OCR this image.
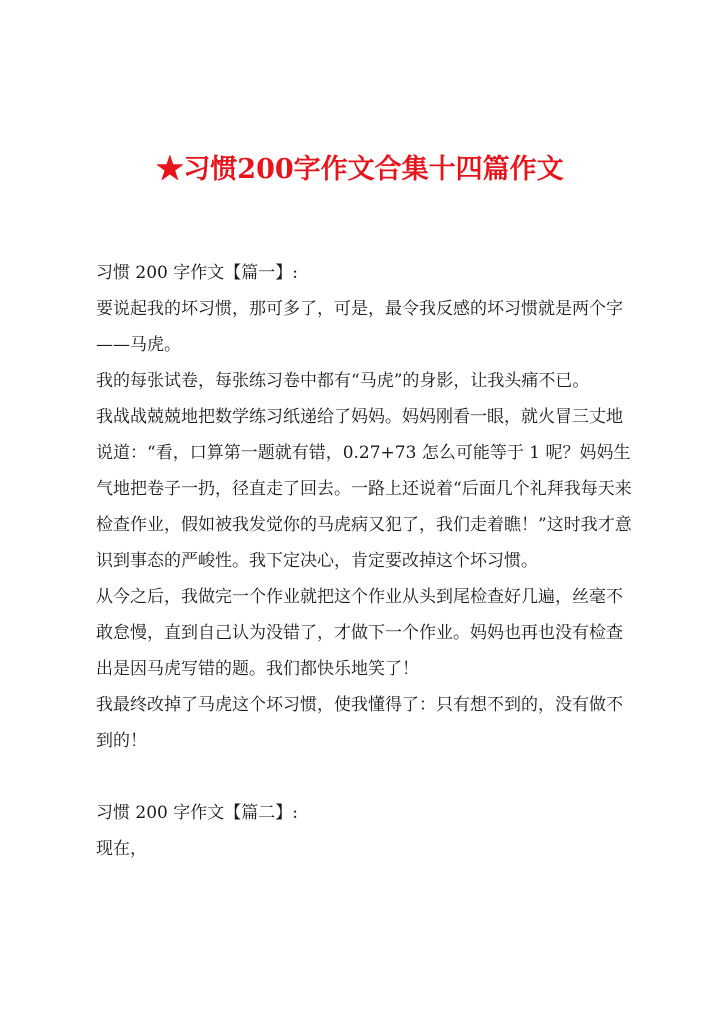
★习惯200字作文合集十四篇作文

习惯 200 字作文【篇一】:

要说起我的坏习惯，那可多了，可是，最令我反感的坏习惯就是两个字——马虎。

我的每张试卷，每张练习卷中都有“马虎”的身影，让我头痛不已。

我战战兢兢地把数学练习纸递给了妈妈。妈妈刚看一眼，就火冒三丈地说道：“看，口算第一题就有错，0.27+73 怎么可能等于 1 呢？妈妈生气地把卷子一扔，径直走了回去。一路上还说着“后面几个礼拜我每天来检查作业，假如被我发觉你的马虎病又犯了，我们走着瞧！”这时我才意识到事态的严峻性。我下定决心，肯定要改掉这个坏习惯。

从今之后，我做完一个作业就把这个作业从头到尾检查好几遍，丝毫不敢怠慢，直到自己认为没错了，才做下一个作业。妈妈也再也没有检查出是因马虎写错的题。我们都快乐地笑了！

我最终改掉了马虎这个坏习惯，使我懂得了：只有想不到的，没有做不到的！

习惯 200 字作文【篇二】:

现在，
